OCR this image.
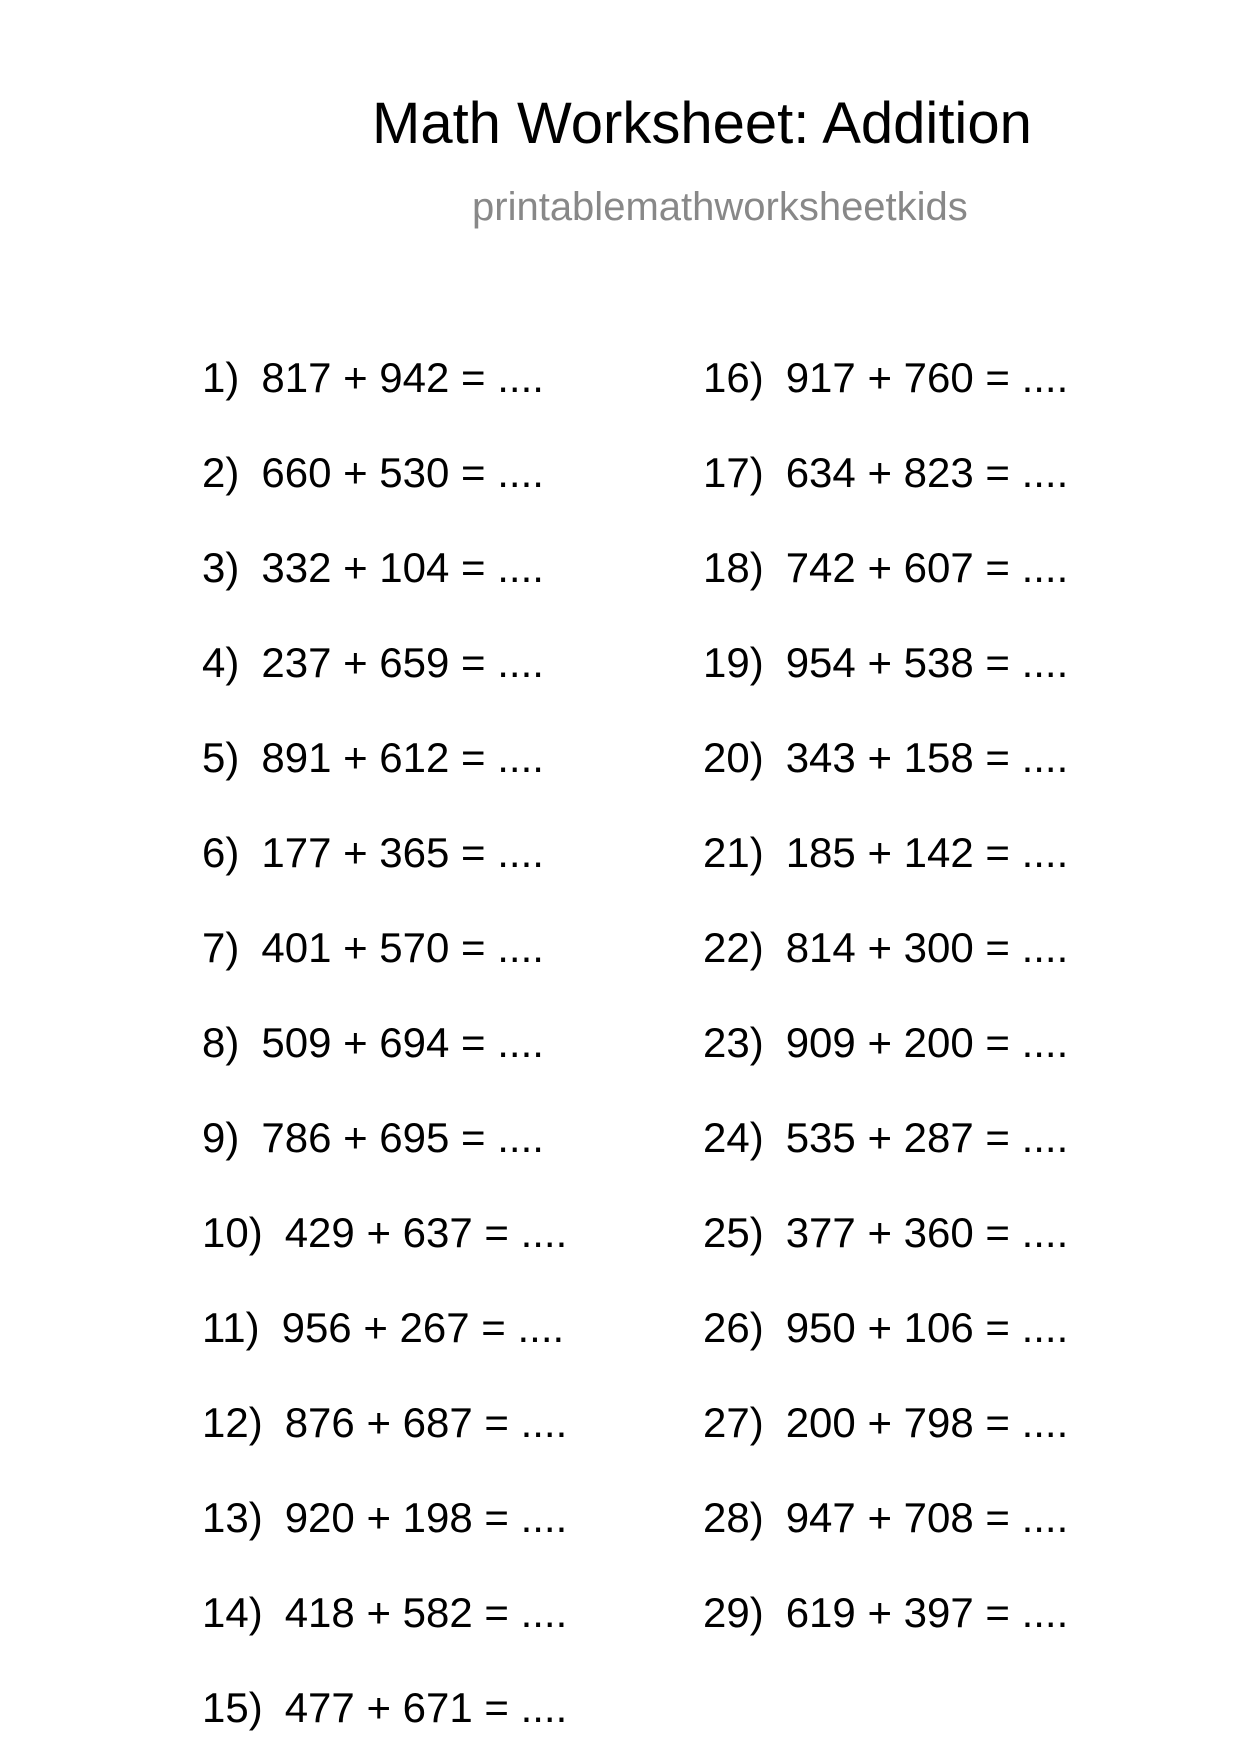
Math Worksheet: Addition
printablemathworksheetkids
1) 817 + 942 = ....
2) 660 + 530 = ....
3) 332 + 104 = ....
4) 237 + 659 = ....
5) 891 + 612 = ....
6) 177 + 365 = ....
7) 401 + 570 = ....
8) 509 + 694 = ....
9) 786 + 695 = ....
10) 429 + 637 = ....
11) 956 + 267 = ....
12) 876 + 687 = ....
13) 920 + 198 = ....
14) 418 + 582 = ....
15) 477 + 671 = ....
16) 917 + 760 = ....
17) 634 + 823 = ....
18) 742 + 607 = ....
19) 954 + 538 = ....
20) 343 + 158 = ....
21) 185 + 142 = ....
22) 814 + 300 = ....
23) 909 + 200 = ....
24) 535 + 287 = ....
25) 377 + 360 = ....
26) 950 + 106 = ....
27) 200 + 798 = ....
28) 947 + 708 = ....
29) 619 + 397 = ....
